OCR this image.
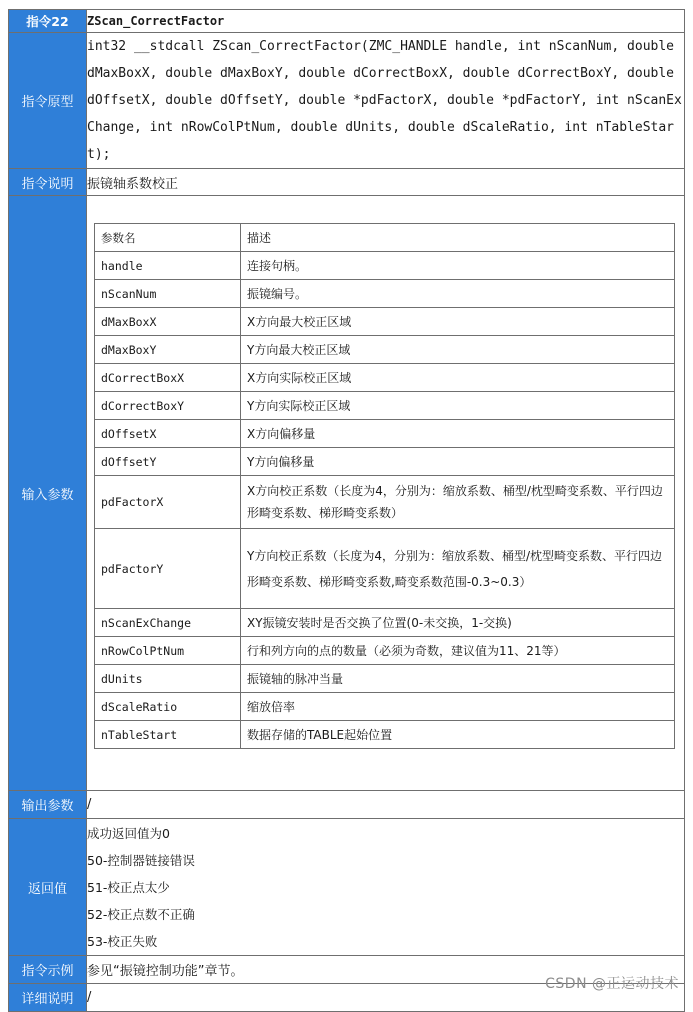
指令22	ZScan_CorrectFactor
指令原型	int32 __stdcall ZScan_CorrectFactor(ZMC_HANDLE handle, int nScanNum, double dMaxBoxX, double dMaxBoxY, double dCorrectBoxX, double dCorrectBoxY, double dOffsetX, double dOffsetY, double *pdFactorX, double *pdFactorY, int nScanExChange, int nRowColPtNum, double dUnits, double dScaleRatio, int nTableStart);
指令说明	振镜轴系数校正
输入参数	
参数名	描述
handle	连接句柄。
nScanNum	振镜编号。
dMaxBoxX	X方向最大校正区域
dMaxBoxY	Y方向最大校正区域
dCorrectBoxX	X方向实际校正区域
dCorrectBoxY	Y方向实际校正区域
dOffsetX	X方向偏移量
dOffsetY	Y方向偏移量
pdFactorX	X方向校正系数（长度为4，分别为：缩放系数、桶型/枕型畸变系数、平行四边形畸变系数、梯形畸变系数）
pdFactorY	Y方向校正系数（长度为4，分别为：缩放系数、桶型/枕型畸变系数、平行四边形畸变系数、梯形畸变系数,畸变系数范围-0.3~0.3）
nScanExChange	XY振镜安装时是否交换了位置(0-未交换，1-交换)
nRowColPtNum	行和列方向的点的数量（必须为奇数，建议值为11、21等）
dUnits	振镜轴的脉冲当量
dScaleRatio	缩放倍率
nTableStart	数据存储的TABLE起始位置

输出参数	/
返回值	
成功返回值为0
50-控制器链接错误
51-校正点太少
52-校正点数不正确
53-校正失败

指令示例	参见“振镜控制功能”章节。
详细说明	/
CSDN @正运动技术
